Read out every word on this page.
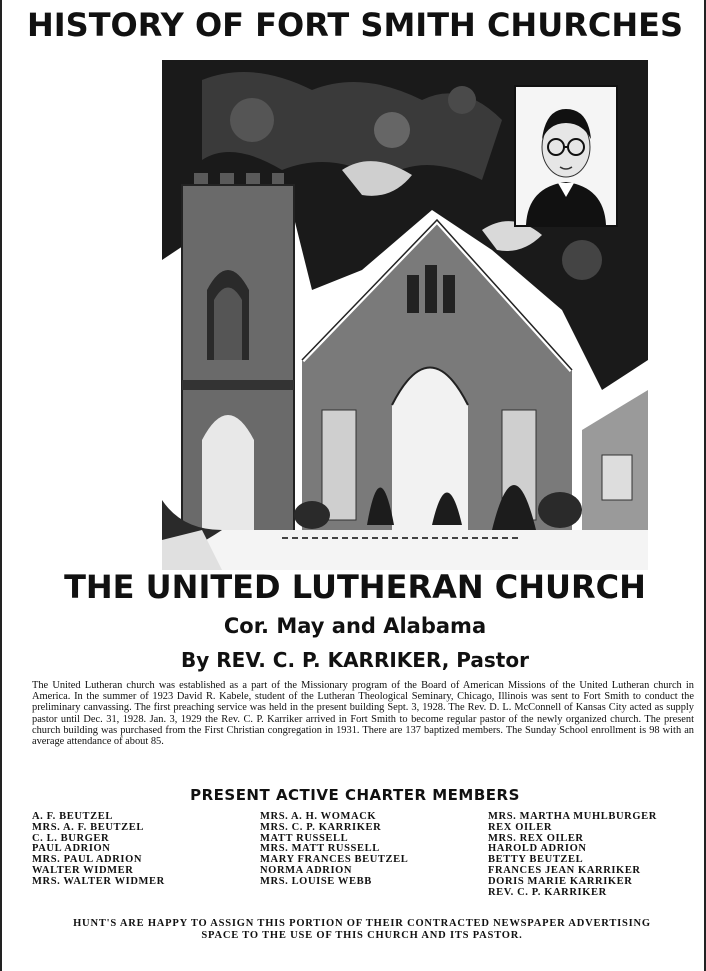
HISTORY OF FORT SMITH CHURCHES
THE UNITED LUTHERAN CHURCH
Cor. May and Alabama
By REV. C. P. KARRIKER, Pastor

The United Lutheran church was established as a part of the Missionary program of the Board of American Missions of the United Lutheran church in America. In the summer of 1923 David R. Kabele, student of the Lutheran Theological Seminary, Chicago, Illinois was sent to Fort Smith to conduct the preliminary canvassing. The first preaching service was held in the present building Sept. 3, 1928. The Rev. D. L. McConnell of Kansas City acted as supply pastor until Dec. 31, 1928. Jan. 3, 1929 the Rev. C. P. Karriker arrived in Fort Smith to become regular pastor of the newly organized church. The present church building was purchased from the First Christian congregation in 1931. There are 137 baptized members. The Sunday School enrollment is 98 with an average attendance of about 85.

PRESENT ACTIVE CHARTER MEMBERS
A. F. BEUTZEL
MRS. A. F. BEUTZEL
C. L. BURGER
PAUL ADRION
MRS. PAUL ADRION
WALTER WIDMER
MRS. WALTER WIDMER
MRS. A. H. WOMACK
MRS. C. P. KARRIKER
MATT RUSSELL
MRS. MATT RUSSELL
MARY FRANCES BEUTZEL
NORMA ADRION
MRS. LOUISE WEBB
MRS. MARTHA MUHLBURGER
REX OILER
MRS. REX OILER
HAROLD ADRION
BETTY BEUTZEL
FRANCES JEAN KARRIKER
DORIS MARIE KARRIKER
REV. C. P. KARRIKER
HUNT'S ARE HAPPY TO ASSIGN THIS PORTION OF THEIR CONTRACTED NEWSPAPER ADVERTISING SPACE TO THE USE OF THIS CHURCH AND ITS PASTOR.
